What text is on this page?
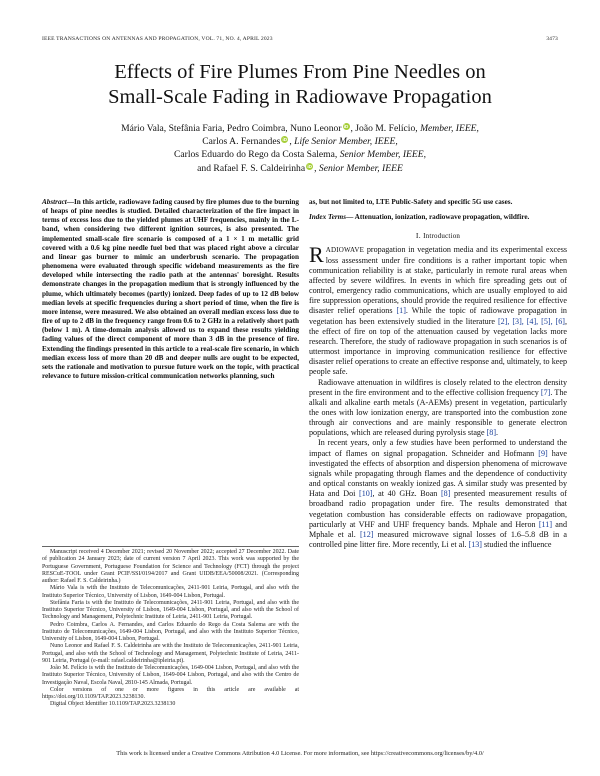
IEEE TRANSACTIONS ON ANTENNAS AND PROPAGATION, VOL. 71, NO. 4, APRIL 2023	3473
Effects of Fire Plumes From Pine Needles on
Small-Scale Fading in Radiowave Propagation
Mário Vala, Stefânia Faria, Pedro Coimbra, Nuno Leonor iD , João M. Felício, Member, IEEE,
Carlos A. Fernandes iD , Life Senior Member, IEEE,
Carlos Eduardo do Rego da Costa Salema, Senior Member, IEEE,
and Rafael F. S. Caldeirinha iD , Senior Member, IEEE
Abstract—In this article, radiowave fading caused by fire plumes due to the burning of heaps of pine needles is studied. Detailed characterization of the fire impact in terms of excess loss due to the yielded plumes at UHF frequencies, mainly in the L-band, when considering two different ignition sources, is also presented. The implemented small-scale fire scenario is composed of a 1 × 1 m metallic grid covered with a 0.6 kg pine needle fuel bed that was placed right above a circular and linear gas burner to mimic an underbrush scenario. The propagation phenomena were evaluated through specific wideband measurements as the fire developed while intersecting the radio path at the antennas' boresight. Results demonstrate changes in the propagation medium that is strongly influenced by the plume, which ultimately becomes (partly) ionized. Deep fades of up to 12 dB below median levels at specific frequencies during a short period of time, when the fire is more intense, were measured. We also obtained an overall median excess loss due to fire of up to 2 dB in the frequency range from 0.6 to 2 GHz in a relatively short path (below 1 m). A time-domain analysis allowed us to expand these results yielding fading values of the direct component of more than 3 dB in the presence of fire. Extending the findings presented in this article to a real-scale fire scenario, in which median excess loss of more than 20 dB and deeper nulls are ought to be expected, sets the rationale and motivation to pursue future work on the topic, with practical relevance to future mission-critical communication networks planning, such

Manuscript received 4 December 2021; revised 20 November 2022; accepted 27 December 2022. Date of publication 24 January 2023; date of current version 7 April 2023. This work was supported by the Portuguese Government, Portuguese Foundation for Science and Technology (FCT) through the project RESCuE-TOOL under Grant PCIF/SSI/0194/2017 and Grant UIDB/EEA/50008/2021. (Corresponding author: Rafael F. S. Caldeirinha.)

Mário Vala is with the Instituto de Telecomunicações, 2411-901 Leiria, Portugal, and also with the Instituto Superior Técnico, University of Lisbon, 1649-004 Lisbon, Portugal.

Stefânia Faria is with the Instituto de Telecomunicações, 2411-901 Leiria, Portugal, and also with the Instituto Superior Técnico, University of Lisbon, 1649-004 Lisbon, Portugal, and also with the School of Technology and Management, Polytechnic Institute of Leiria, 2411-901 Leiria, Portugal.

Pedro Coimbra, Carlos A. Fernandes, and Carlos Eduardo do Rego da Costa Salema are with the Instituto de Telecomunicações, 1649-004 Lisbon, Portugal, and also with the Instituto Superior Técnico, University of Lisbon, 1649-004 Lisbon, Portugal.

Nuno Leonor and Rafael F. S. Caldeirinha are with the Instituto de Telecomunicações, 2411-901 Leiria, Portugal, and also with the School of Technology and Management, Polytechnic Institute of Leiria, 2411-901 Leiria, Portugal (e-mail: rafael.caldeirinha@ipleiria.pt).

João M. Felício is with the Instituto de Telecomunicações, 1649-004 Lisbon, Portugal, and also with the Instituto Superior Técnico, University of Lisbon, 1649-004 Lisbon, Portugal, and also with the Centro de Investigação Naval, Escola Naval, 2810-145 Almada, Portugal.

Color versions of one or more figures in this article are available at https://doi.org/10.1109/TAP.2023.3238130.

Digital Object Identifier 10.1109/TAP.2023.3238130

as, but not limited to, LTE Public-Safety and specific 5G use cases.
Index Terms— Attenuation, ionization, radiowave propagation, wildfire.
I. Introduction

RADIOWAVE propagation in vegetation media and its experimental excess loss assessment under fire conditions is a rather important topic when communication reliability is at stake, particularly in remote rural areas when affected by severe wildfires. In events in which fire spreading gets out of control, emergency radio communications, which are usually employed to aid fire suppression operations, should provide the required resilience for effective disaster relief operations [1]. While the topic of radiowave propagation in vegetation has been extensively studied in the literature [2], [3], [4], [5], [6], the effect of fire on top of the attenuation caused by vegetation lacks more research. Therefore, the study of radiowave propagation in such scenarios is of uttermost importance in improving communication resilience for effective disaster relief operations to create an effective response and, ultimately, to keep people safe.

Radiowave attenuation in wildfires is closely related to the electron density present in the fire environment and to the effective collision frequency [7]. The alkali and alkaline earth metals (A-AEMs) present in vegetation, particularly the ones with low ionization energy, are transported into the combustion zone through air convections and are mainly responsible to generate electron populations, which are released during pyrolysis stage [8].

In recent years, only a few studies have been performed to understand the impact of flames on signal propagation. Schneider and Hofmann [9] have investigated the effects of absorption and dispersion phenomena of microwave signals while propagating through flames and the dependence of conductivity and optical constants on weakly ionized gas. A similar study was presented by Hata and Doi [10], at 40 GHz. Boan [8] presented measurement results of broadband radio propagation under fire. The results demonstrated that vegetation combustion has considerable effects on radiowave propagation, particularly at VHF and UHF frequency bands. Mphale and Heron [11] and Mphale et al. [12] measured microwave signal losses of 1.6–5.8 dB in a controlled pine litter fire. More recently, Li et al. [13] studied the influence

This work is licensed under a Creative Commons Attribution 4.0 License. For more information, see https://creativecommons.org/licenses/by/4.0/
